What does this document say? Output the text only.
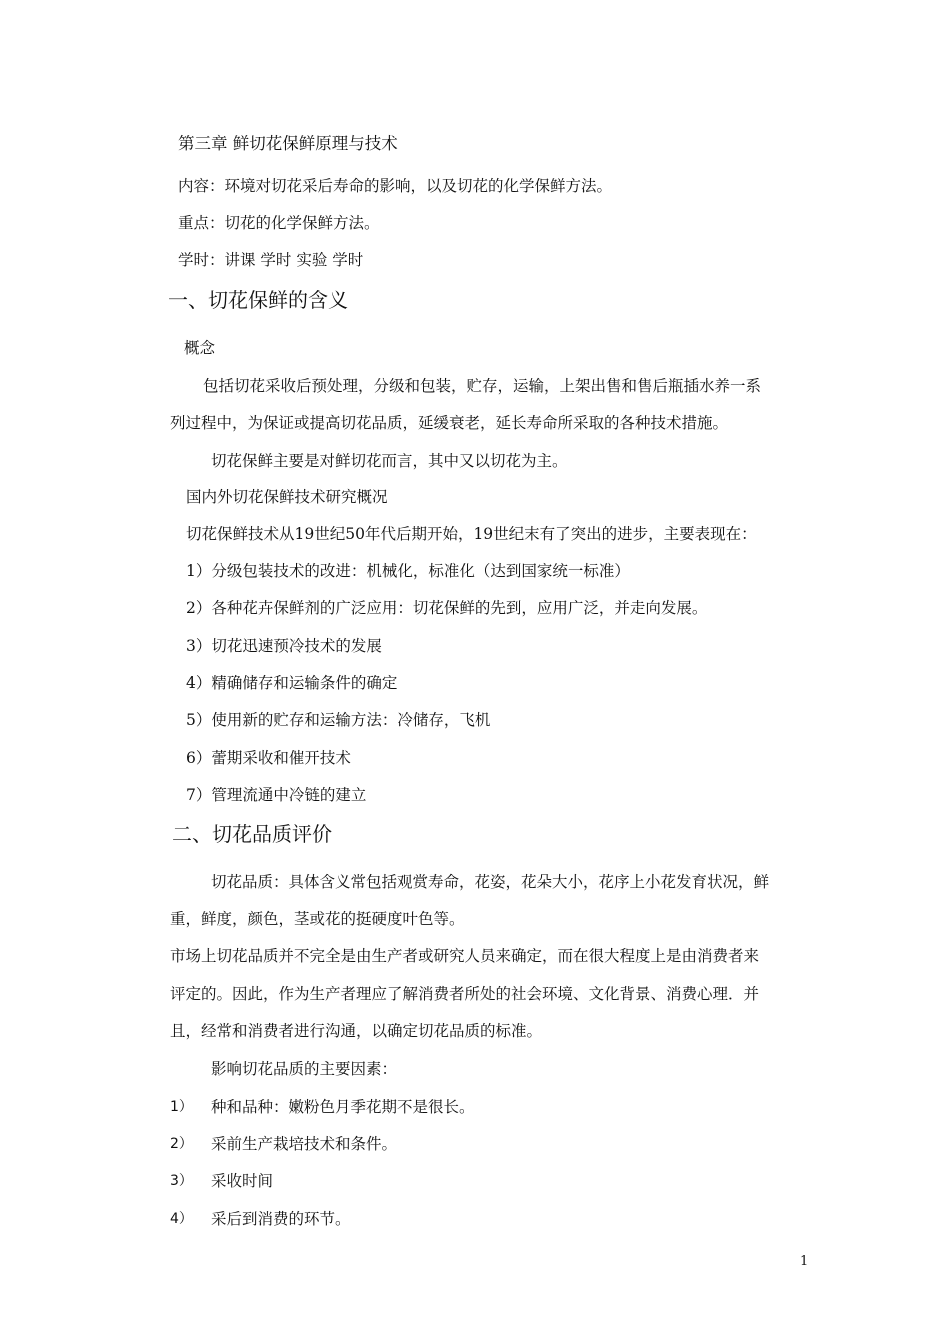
第三章 鲜切花保鲜原理与技术
内容：环境对切花采后寿命的影响，以及切花的化学保鲜方法。
重点：切花的化学保鲜方法。
学时：讲课 学时 实验 学时
一、切花保鲜的含义
概念
包括切花采收后预处理，分级和包装，贮存，运输，上架出售和售后瓶插水养一系
列过程中，为保证或提高切花品质，延缓衰老，延长寿命所采取的各种技术措施。
切花保鲜主要是对鲜切花而言，其中又以切花为主。
国内外切花保鲜技术研究概况
切花保鲜技术从19世纪50年代后期开始，19世纪末有了突出的进步，主要表现在：
1）分级包装技术的改进：机械化，标准化（达到国家统一标准）
2）各种花卉保鲜剂的广泛应用：切花保鲜的先到，应用广泛，并走向发展。
3）切花迅速预冷技术的发展
4）精确储存和运输条件的确定
5）使用新的贮存和运输方法：冷储存，飞机
6）蕾期采收和催开技术
7）管理流通中冷链的建立
二、切花品质评价
切花品质：具体含义常包括观赏寿命，花姿，花朵大小，花序上小花发育状况，鲜
重，鲜度，颜色，茎或花的挺硬度叶色等。
市场上切花品质并不完全是由生产者或研究人员来确定，而在很大程度上是由消费者来
评定的。因此，作为生产者理应了解消费者所处的社会环境、文化背景、消费心理．并
且，经常和消费者进行沟通，以确定切花品质的标准。
影响切花品质的主要因素：
1） 种和品种：嫩粉色月季花期不是很长。
2） 采前生产栽培技术和条件。
3） 采收时间
4） 采后到消费的环节。
1
